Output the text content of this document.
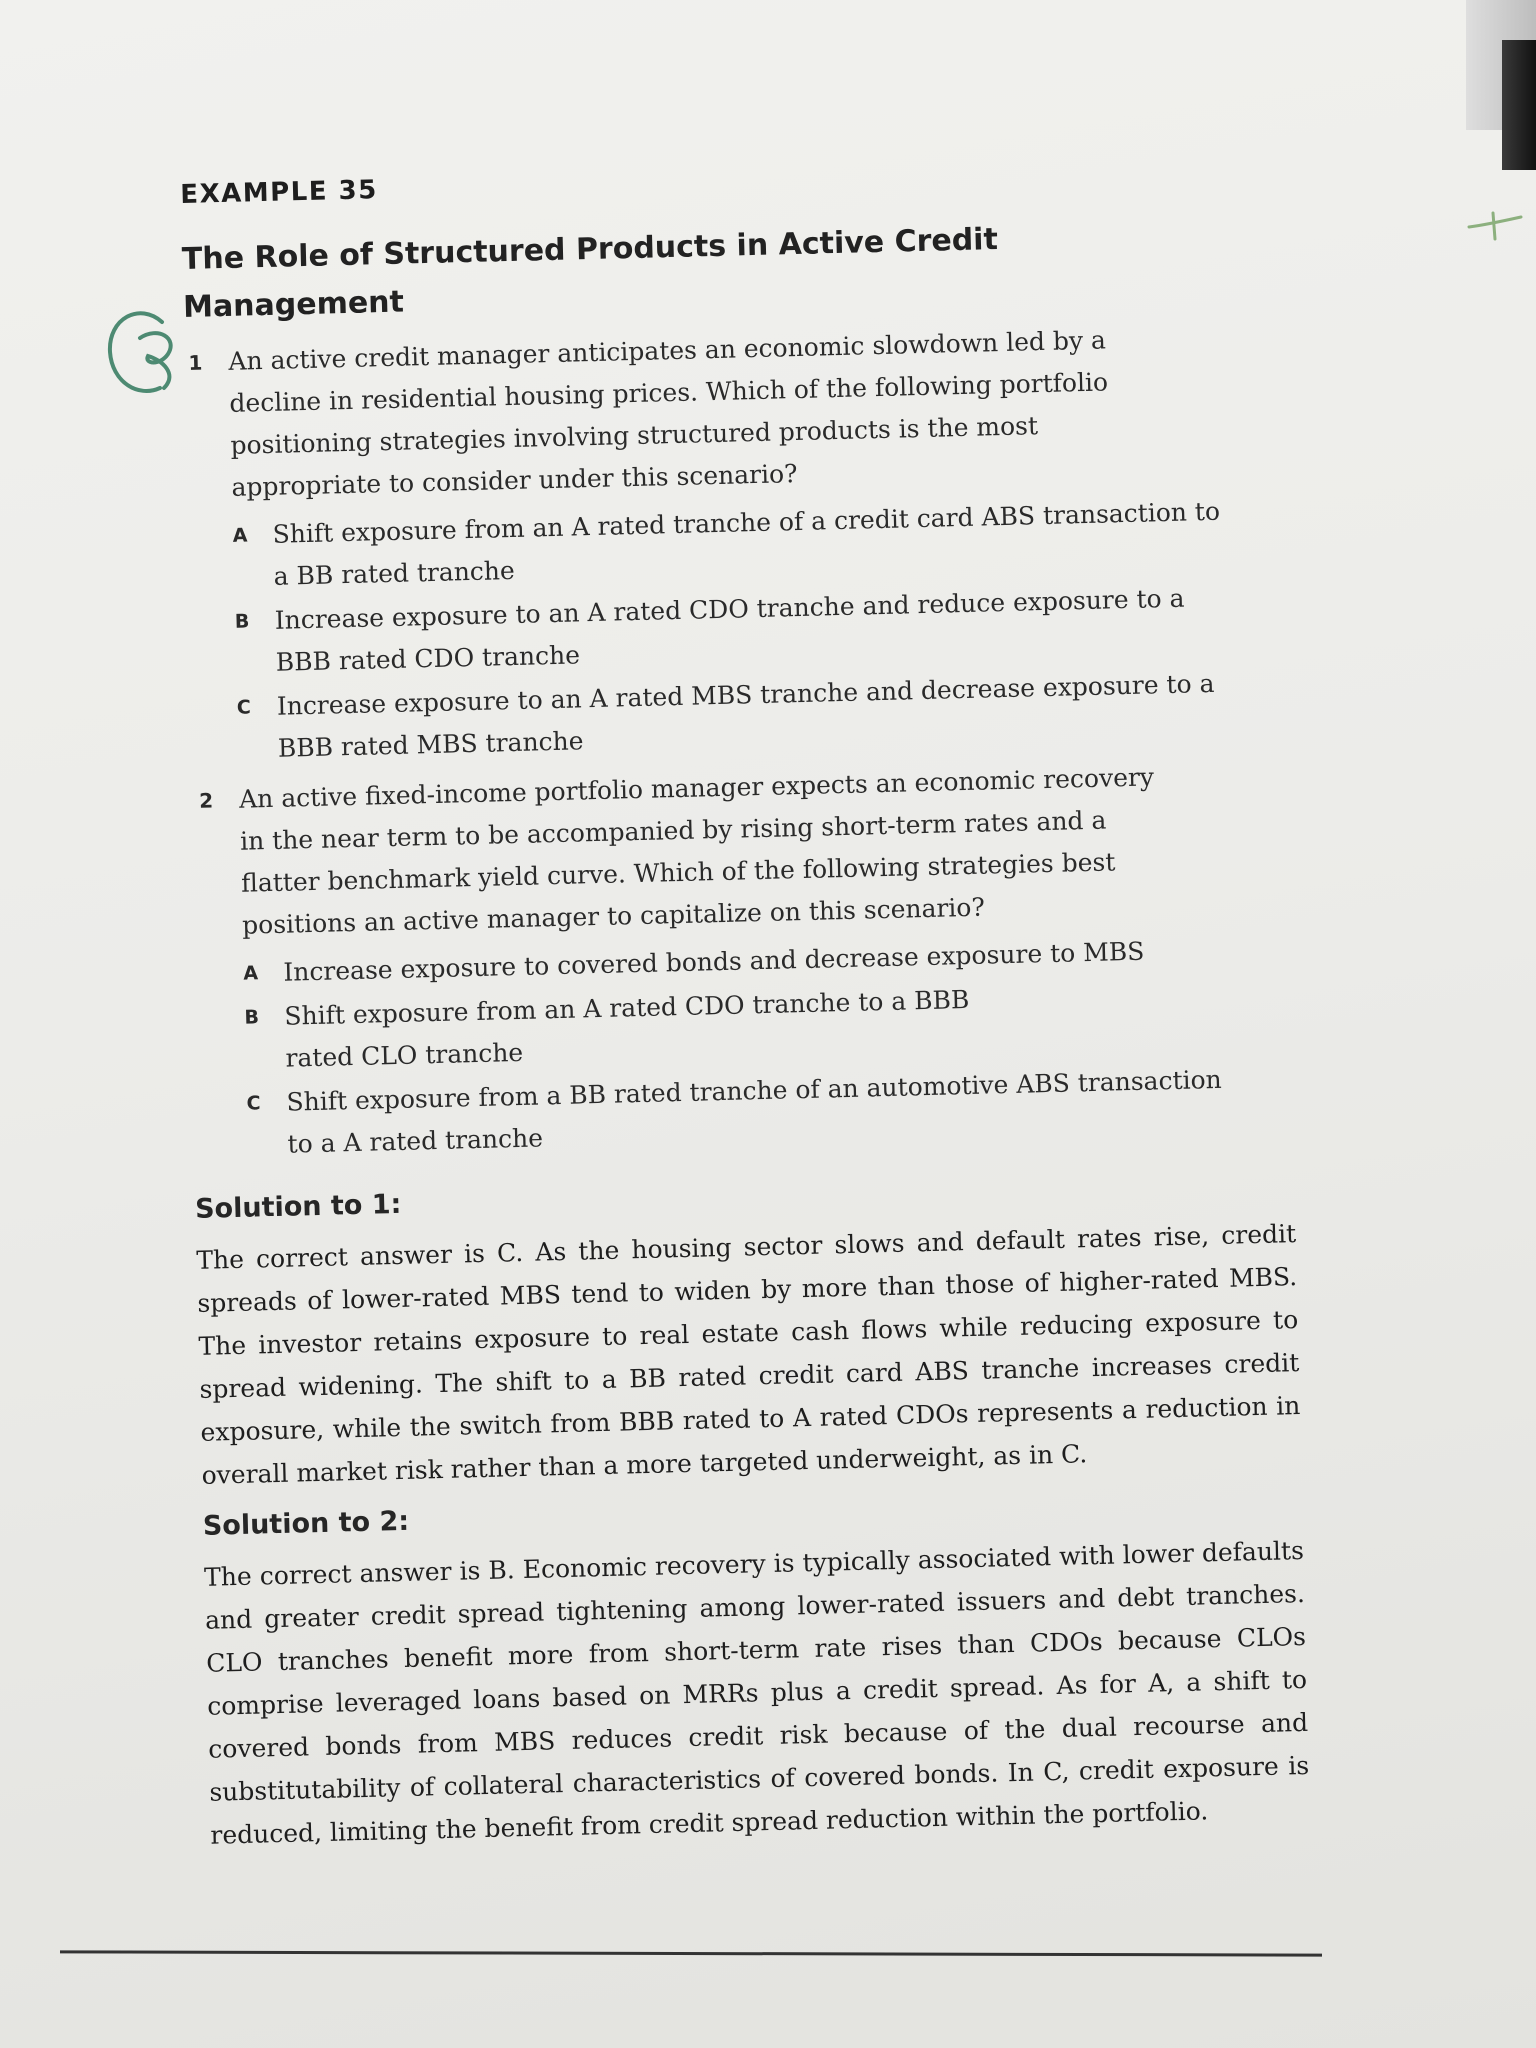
EXAMPLE 35
The Role of Structured Products in Active Credit Management
1 An active credit manager anticipates an economic slowdown led by a decline in residential housing prices. Which of the following portfolio positioning strategies involving structured products is the most appropriate to consider under this scenario?
A Shift exposure from an A rated tranche of a credit card ABS transaction to a BB rated tranche
B Increase exposure to an A rated CDO tranche and reduce exposure to a BBB rated CDO tranche
C Increase exposure to an A rated MBS tranche and decrease exposure to a BBB rated MBS tranche
2 An active fixed-income portfolio manager expects an economic recovery in the near term to be accompanied by rising short-term rates and a flatter benchmark yield curve. Which of the following strategies best positions an active manager to capitalize on this scenario?
A Increase exposure to covered bonds and decrease exposure to MBS
B Shift exposure from an A rated CDO tranche to a BBB rated CLO tranche
C Shift exposure from a BB rated tranche of an automotive ABS transaction to a A rated tranche
Solution to 1:
The correct answer is C. As the housing sector slows and default rates rise, credit spreads of lower-rated MBS tend to widen by more than those of higher-rated MBS. The investor retains exposure to real estate cash flows while reducing exposure to spread widening. The shift to a BB rated credit card ABS tranche increases credit exposure, while the switch from BBB rated to A rated CDOs represents a reduction in overall market risk rather than a more targeted underweight, as in C.
Solution to 2:
The correct answer is B. Economic recovery is typically associated with lower defaults and greater credit spread tightening among lower-rated issuers and debt tranches. CLO tranches benefit more from short-term rate rises than CDOs because CLOs comprise leveraged loans based on MRRs plus a credit spread. As for A, a shift to covered bonds from MBS reduces credit risk because of the dual recourse and substitutability of collateral characteristics of covered bonds. In C, credit exposure is reduced, limiting the benefit from credit spread reduction within the portfolio.
